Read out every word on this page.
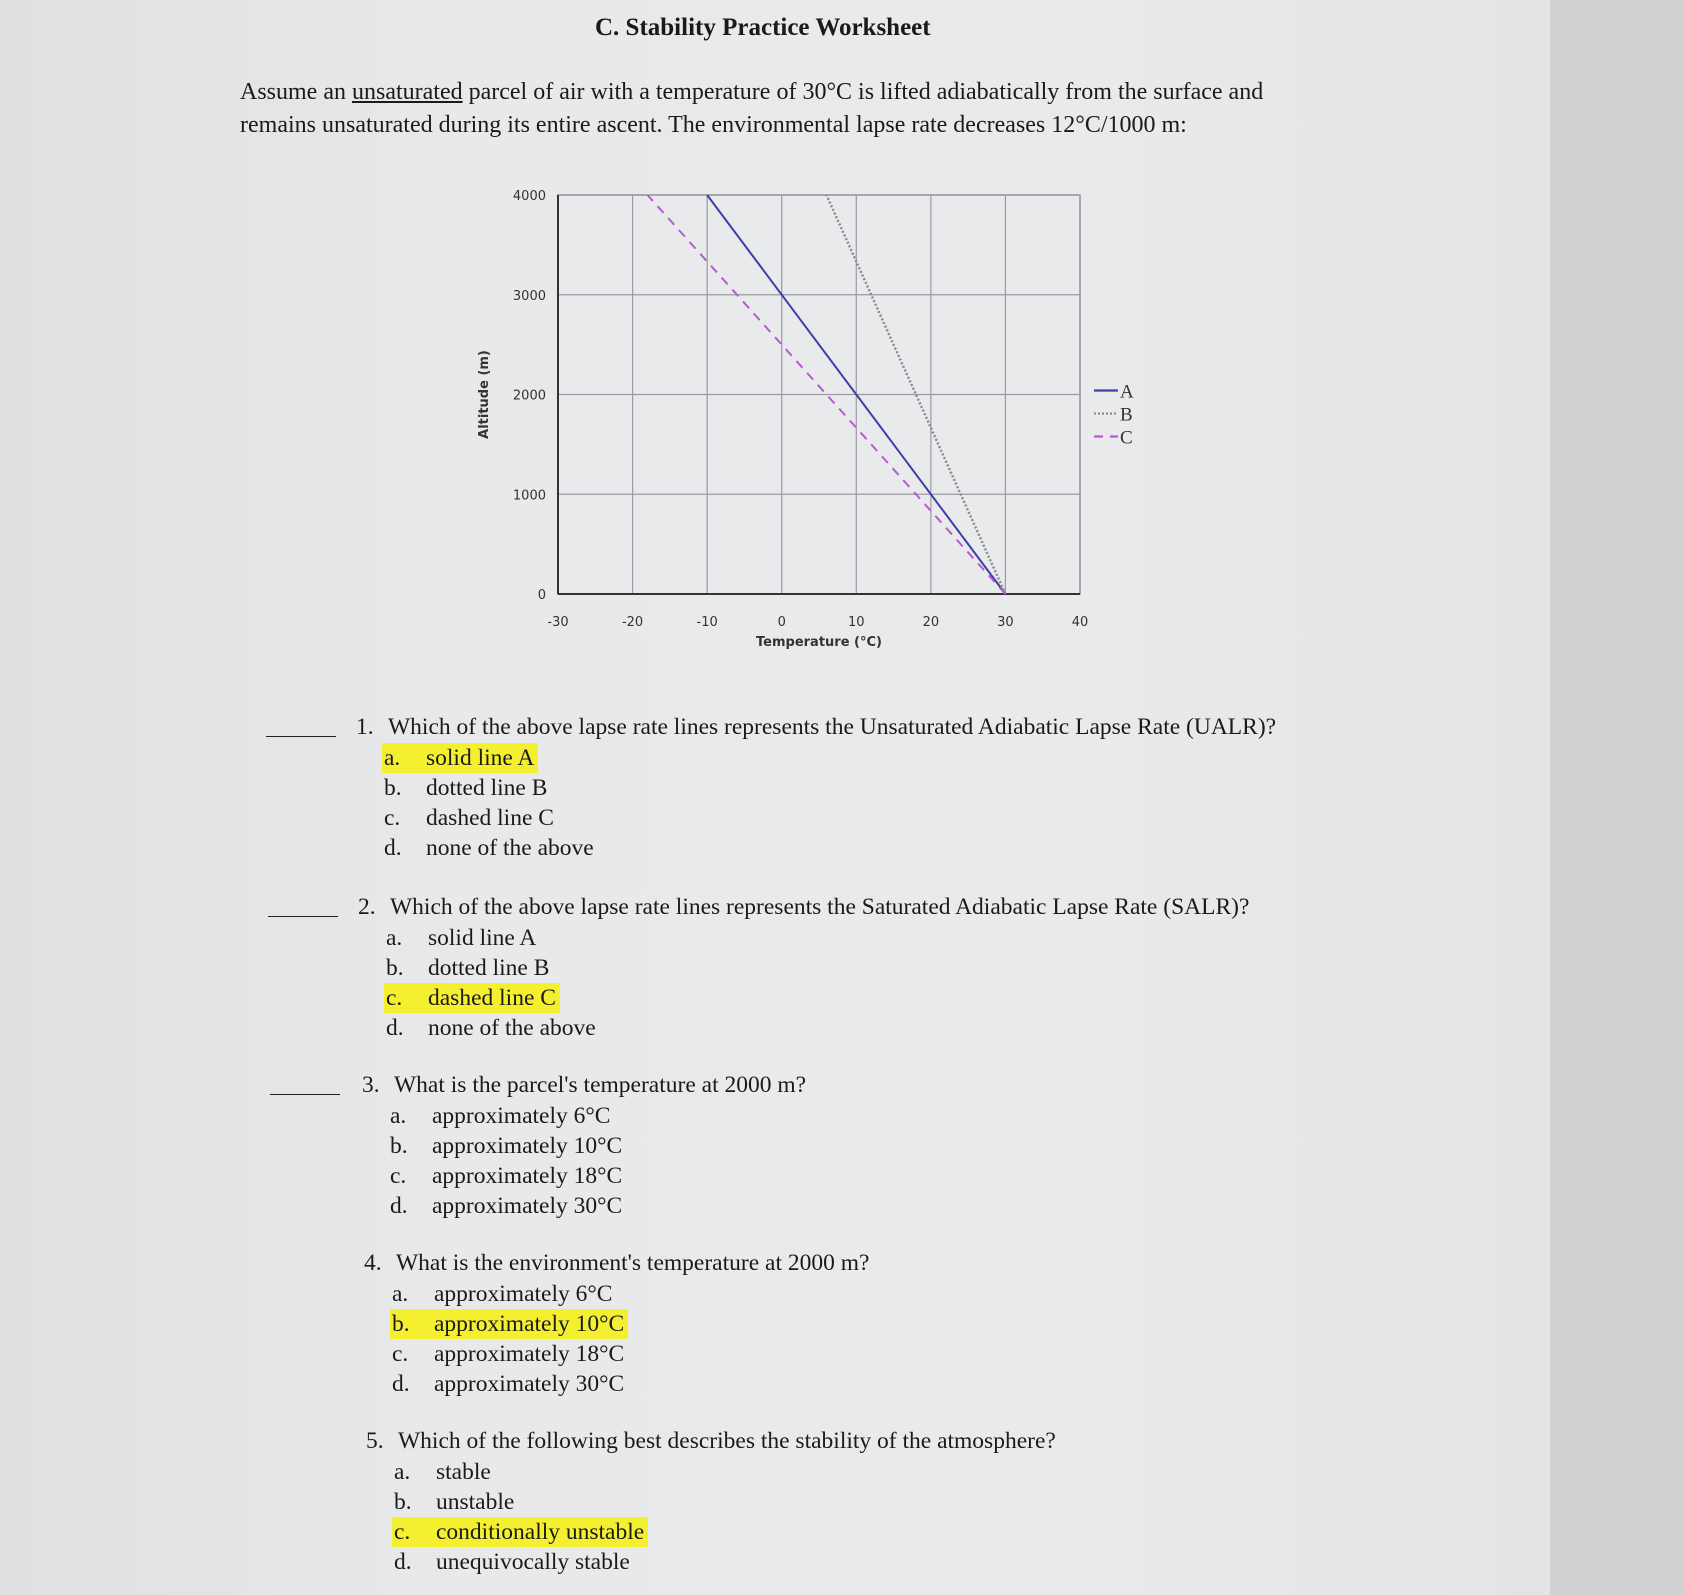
C. Stability Practice Worksheet
Assume an unsaturated parcel of air with a temperature of 30°C is lifted adiabatically from the surface and remains unsaturated during its entire ascent. The environmental lapse rate decreases 12°C/1000 m:
-30	-20	-10	0	10	20	30	40
0
1000
2000
3000
4000
Temperature (°C)
Altitude (m)	A
B
C
1. Which of the above lapse rate lines represents the Unsaturated Adiabatic Lapse Rate (UALR)?
a. solid line A
b. dotted line B
c. dashed line C
d. none of the above
2. Which of the above lapse rate lines represents the Saturated Adiabatic Lapse Rate (SALR)?
a. solid line A
b. dotted line B
c. dashed line C
d. none of the above
3. What is the parcel's temperature at 2000 m?
a. approximately 6°C
b. approximately 10°C
c. approximately 18°C
d. approximately 30°C
4. What is the environment's temperature at 2000 m?
a. approximately 6°C
b. approximately 10°C
c. approximately 18°C
d. approximately 30°C
5. Which of the following best describes the stability of the atmosphere?
a. stable
b. unstable
c. conditionally unstable
d. unequivocally stable
